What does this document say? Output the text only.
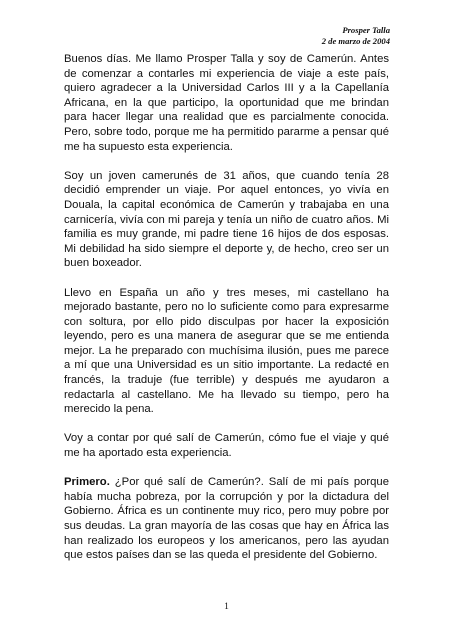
Prosper Talla
2 de marzo de 2004

Buenos días. Me llamo Prosper Talla y soy de Camerún. Antes de comenzar a contarles mi experiencia de viaje a este país, quiero agradecer a la Universidad Carlos III y a la Capellanía Africana, en la que participo, la oportunidad que me brindan para hacer llegar una realidad que es parcialmente conocida. Pero, sobre todo, porque me ha permitido pararme a pensar qué me ha supuesto esta experiencia.

Soy un joven camerunés de 31 años, que cuando tenía 28 decidió emprender un viaje. Por aquel entonces, yo vivía en Douala, la capital económica de Camerún y trabajaba en una carnicería, vivía con mi pareja y tenía un niño de cuatro años. Mi familia es muy grande, mi padre tiene 16 hijos de dos esposas. Mi debilidad ha sido siempre el deporte y, de hecho, creo ser un buen boxeador.

Llevo en España un año y tres meses, mi castellano ha mejorado bastante, pero no lo suficiente como para expresarme con soltura, por ello pido disculpas por hacer la exposición leyendo, pero es una manera de asegurar que se me entienda mejor. La he preparado con muchísima ilusión, pues me parece a mí que una Universidad es un sitio importante. La redacté en francés, la traduje (fue terrible) y después me ayudaron a redactarla al castellano. Me ha llevado su tiempo, pero ha merecido la pena.

Voy a contar por qué salí de Camerún, cómo fue el viaje y qué me ha aportado esta experiencia.

Primero. ¿Por qué salí de Camerún?. Salí de mi país porque había mucha pobreza, por la corrupción y por la dictadura del Gobierno. África es un continente muy rico, pero muy pobre por sus deudas. La gran mayoría de las cosas que hay en África las han realizado los europeos y los americanos, pero las ayudan que estos países dan se las queda el presidente del Gobierno.

1
